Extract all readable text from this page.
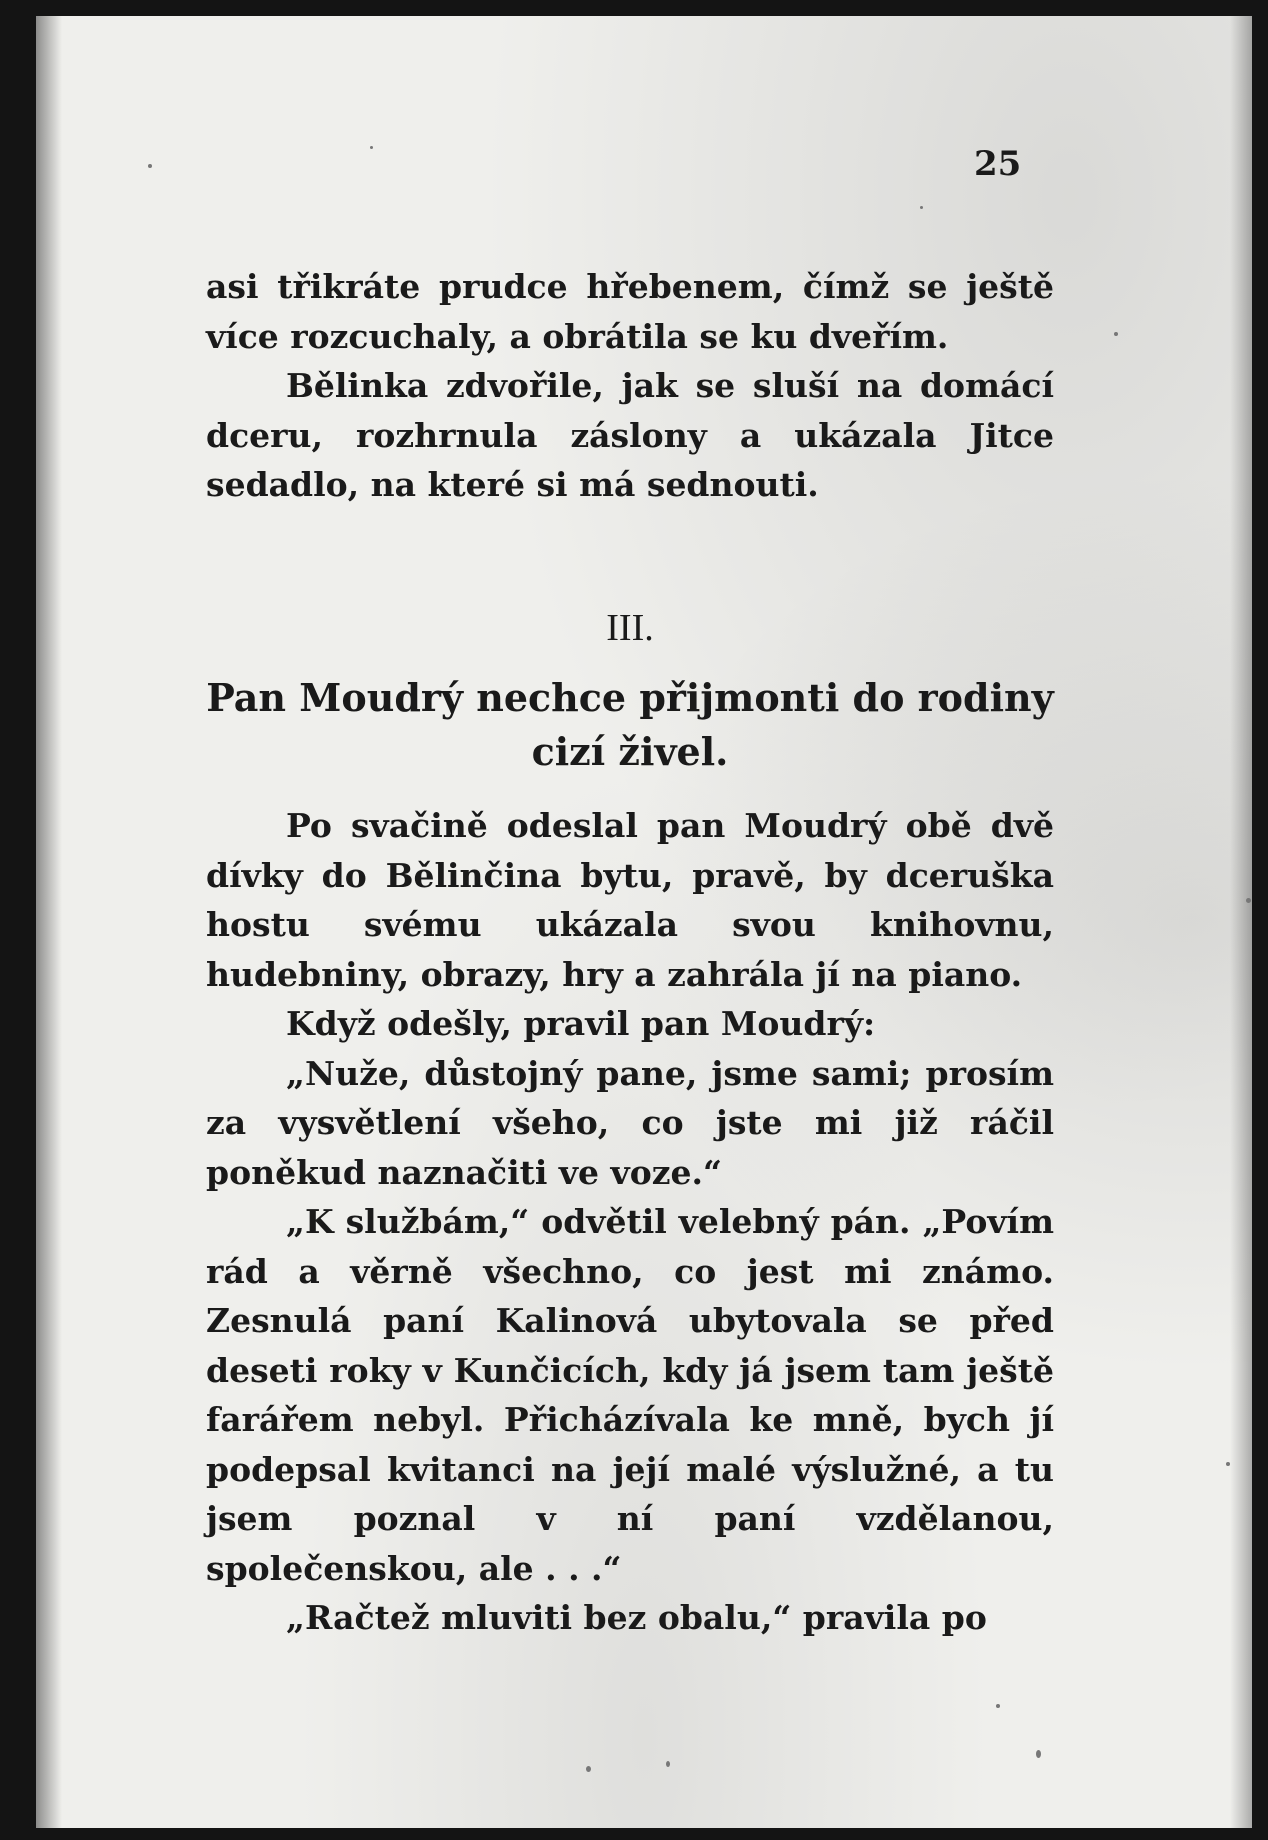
25

asi třikráte prudce hřebenem, čímž se ještě více rozcuchaly, a obrátila se ku dveřím.

Bělinka zdvořile, jak se sluší na domácí dceru, rozhrnula záslony a ukázala Jitce sedadlo, na které si má sednouti.

III.
Pan Moudrý nechce přijmonti do rodiny cizí živel.

Po svačině odeslal pan Moudrý obě dvě dívky do Bělinčina bytu, pravě, by dceruška hostu svému ukázala svou knihovnu, hudebniny, obrazy, hry a zahrála jí na piano.

Když odešly, pravil pan Moudrý:

„Nuže, důstojný pane, jsme sami; prosím za vysvětlení všeho, co jste mi již ráčil poněkud naznačiti ve voze.“

„K službám,“ odvětil velebný pán. „Povím rád a věrně všechno, co jest mi známo. Zesnulá paní Kalinová ubytovala se před deseti roky v Kunčicích, kdy já jsem tam ještě farářem nebyl. Přicházívala ke mně, bych jí podepsal kvitanci na její malé výslužné, a tu jsem poznal v ní paní vzdělanou, společenskou, ale . . .“

„Račtež mluviti bez obalu,“ pravila po
